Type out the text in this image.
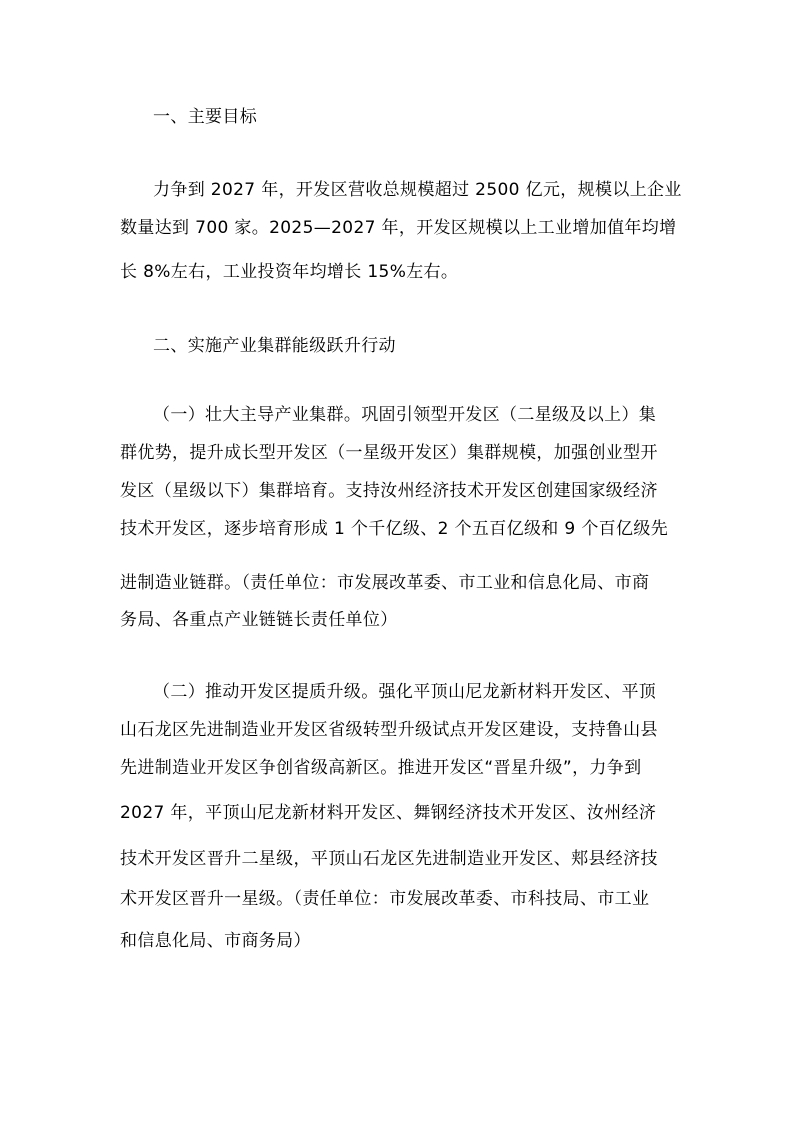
一、主要目标
力争到 2027 年，开发区营收总规模超过 2500 亿元，规模以上企业
数量达到 700 家。2025—2027 年，开发区规模以上工业增加值年均增
长 8%左右，工业投资年均增长 15%左右。
二、实施产业集群能级跃升行动
（一）壮大主导产业集群。巩固引领型开发区（二星级及以上）集
群优势，提升成长型开发区（一星级开发区）集群规模，加强创业型开
发区（星级以下）集群培育。支持汝州经济技术开发区创建国家级经济
技术开发区，逐步培育形成 1 个千亿级、2 个五百亿级和 9 个百亿级先
进制造业链群。（责任单位：市发展改革委、市工业和信息化局、市商
务局、各重点产业链链长责任单位）
（二）推动开发区提质升级。强化平顶山尼龙新材料开发区、平顶
山石龙区先进制造业开发区省级转型升级试点开发区建设，支持鲁山县
先进制造业开发区争创省级高新区。推进开发区“晋星升级”，力争到
2027 年，平顶山尼龙新材料开发区、舞钢经济技术开发区、汝州经济
技术开发区晋升二星级，平顶山石龙区先进制造业开发区、郏县经济技
术开发区晋升一星级。（责任单位：市发展改革委、市科技局、市工业
和信息化局、市商务局）
